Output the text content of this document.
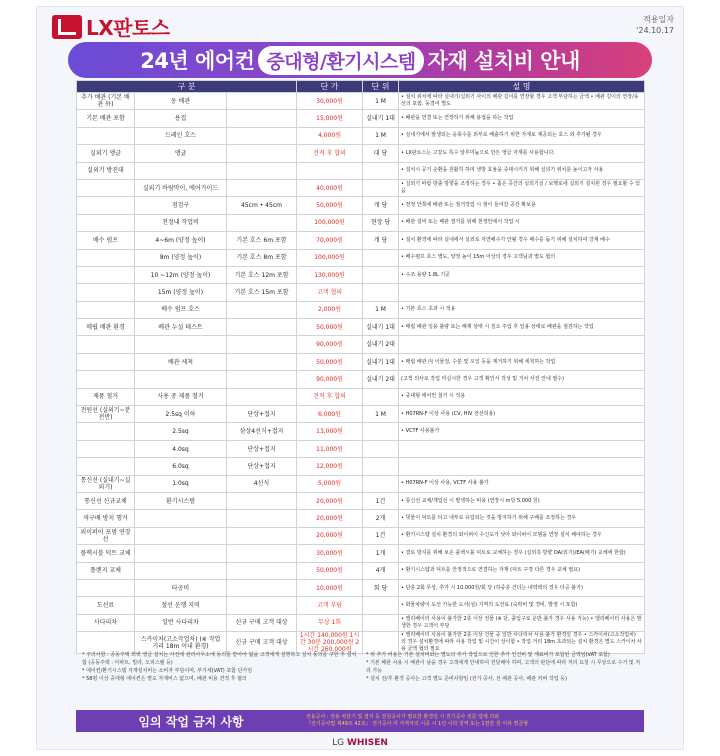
LX판토스	적용일자
'24.10.17
24년 에어컨 중대형/환기시스템 자재 설치비 안내
구 분			단 가	단 위	설 명
추가 배관 (기본 배관 外)	동 배관		30,000원	1 M	• 설치 위치에 따라 실내기/실외기 사이의 배관 길이를 연장할 경우 고객 부담하는 금액 • 배관 길이의 연장/동선의 포함, 동결여 별도
기본 배관 포함	용접		15,000원	실내기 1대	• 배관을 연결 또는 연장하기 위해 용접을 하는 작업
	드레인 호스		4,000원	1 M	• 실내기에서 발생되는 응축수를 외부로 배출하기 위한 자재로 제공되는 호스 외 추가될 경우
실외기 앵글	앵글		견적 후 합의	대 당	• LX판토스는 고강도 특수 알루미늄으로 만든 앵글 자재를 사용합니다.
실외기 방진대					• 설치시 공기 순환을 원활히 하여 냉방 효율을 증대시키기 위해 실외기 위치를 높이고자 사용
	실외기 바람막이, 에어가이드		40,000원		• 실외기 바람 방출 방향을 조정하는 경우 • 좁은 공간의 실외기실 / 보행로에 실외기 설치된 경우 필요할 수 있음
	점검구	45cm • 45cm	50,000원	개 당	• 천정 안쪽에 배관 또는 점거작업 시 점이 들어갈 공간 확보용
	천정내 작업비		100,000원	현장 당	• 배관 설비 또는 배관 절거를 위해 천정안에서 작업 시
배수 펌프	4~6m (양정 높이)	기본 호스 6m 포함	70,000원	개 당	• 설치 환경에 따라 실내에서 실외로 자연배수가 안될 경우 배수를 돕기 위해 설치하여 강제 배수
	8m (양정 높이)	기본 호스 8m 포함	100,000원		• 배수펌프 호스 별도, 양정 높이 15m 이상의 경우 고객님과 별도 협의
	10 ~12m (양정 높이)	기본 호스 12m 포함	130,000원		• 수조 용량 1.8L 기준
	15m (양정 높이)	기본 호스 15m 포함	고객 협의		
	배수 펌프 호스		2,000원	1 M	• 기본 호스 초과 시 적용
매립 배관 환경	배관 누설 테스트		50,000원	실내기 1대	• 매립 배관 일용 불량 또는 해제 상태 시 질소 주입 후 일용 상태로 배관을 점검하는 작업
			90,000원	실내기 2대	
	배관 세척		50,000원	실내기 1대	• 매립 배관 內 이물질, 수분 및 오일 등을 제거하기 위해 세척하는 작업
			90,000원	실내기 2대	(고객 의사로 작업 미실시한 경우 고객 확인서 작성 및 기사 사전 안내 필수)
제품 철거	사용 중 제품 철거		견적 후 합의		• 중대형 에어컨 철거 시 적용
전원선 (실외기~분전반)	2.5sq 이하	단상+접지	6,000원	1 M	• H07RN-F 이상 사용 (CV, HIV 전선허용)
	2.5sq	삼상4선식+접지	13,000원		• VCTF 사용불가
	4.0sq	단상+접지	11,000원		
	6.0sq	단상+접지	12,000원		
통신선 (실내기~실외기)	1.0sq	4선식	5,000원		• H07RN-F 이상 사용, VCTF 사용 불가
통신선 신규교체	환기시스템		20,000원	1건	• 통신선 교체/재입선 시 발생하는 비용 (연장시 m당 5,000 원)
역구배 방지 행거			20,000원	2개	• 빗물이 덕트를 타고 내부로 유입되는 것을 방지하기 위해 구배를 조정하는 경우
외이퍼이 포멈 연장선			20,000원	1건	• 환기시스템 설치 환경의 와이퍼이 수신도가 낮아 와이퍼이 모뎀을 연장 설치 해야하는 경우
플랙시블 덕트 교체			30,000원	1개	• 결로 방지를 위해 보온 플렉시블 덕트로 교체하는 경우 (실외측 방향 OA(외기)/EA(배기) 교체에 한함)
플렌지 교체			50,000원	4개	• 환기시스템과 덕트를 안정적으로 연결하는 자재 (덕트 구경 다른 경우 교체 필요)
	타공비		10,000원	회 당	• 단층 2회 무상, 추가 시 10,000원/회 당 (하중층 건더는 내력벽의 경우 타공 불가)
도선료	철선 운행 지역		고객 부담		• 화물차량이 도선 가능한 도서(섬) 지역의 도선료 (숙박비 및 경비, 발생 시 포함)
사다리차	일반 사다리차	신규 구매 고객 대상	무상 1회		• 엘리베이터 사용이 불가한 2층 이상 전물 (※ 단, 출입구로 운반 불가 경우 사용 가능) • 엘리베이터 사용은 발생한 경우 고객이 부담
	스카이차(고소작업차) (※ 작업 거리 18m 이내 환경)	신규 구매 고객 대상	1시간 140,000원 1시간 30분 200,000원 2시간 260,000원		• 엘리베이터 사용이 불가한 2층 이상 건물 중 일반 사다리차 사용 불가 환경일 경우 • 스카이차(고소작업차) 의 경우 설치환경에 따라 사용 작업 및 시간이 상이함 • 작업 거리 18m 초과되는 설치 환경은 별도 스카이차 사용 금액 협의 필요
* 주의사항 : 공동주택 외벽 앵글 설치는 사전에 관리사무소에 동의를 받아야 됨을 고객에게 설명하고 설치 동의를 구한 후 설치함 (공동주택 : 아파트, 빌라, 오피스텔 등)
* 에어컨/환기시스템 자재설치비는 소비자 부담이며, 부가세(VAT) 포함 단가임
* 58평 이상 중대형 에어컨은 별도 자재비스 없으며, 배관 비용 견적 후 협의
* 위 추가 비용은 기본 설치비와는 별도의 추가 작업으로 인한 추가 인건비 및 재료비가 포함된 금액임(VAT 포함)
* 기본 배관 사용 시 배관이 남을 경우 고객에게 안내하여 전달해야 하며, 고객의 판단에 따라 처리 요청 시 무상으로 수거 및 처리 가능
* 설치 전/후 환경 공사는 고객 별도 준비사항임 (전기 공사, 선 배관 공사, 배관 커버 작업 등)
임의 작업 금지 사항	전용공사 : 전용 차단기 및 접지 등 전원공사가 필요한 환경일 시 전기공사 전문 업체 의뢰
『전기공사법 제49조 42조』 전기공사 미 자격자의 시공 시 1년 이하 징역 또는 1천만 원 이하 벌금형
LG WHISEN
